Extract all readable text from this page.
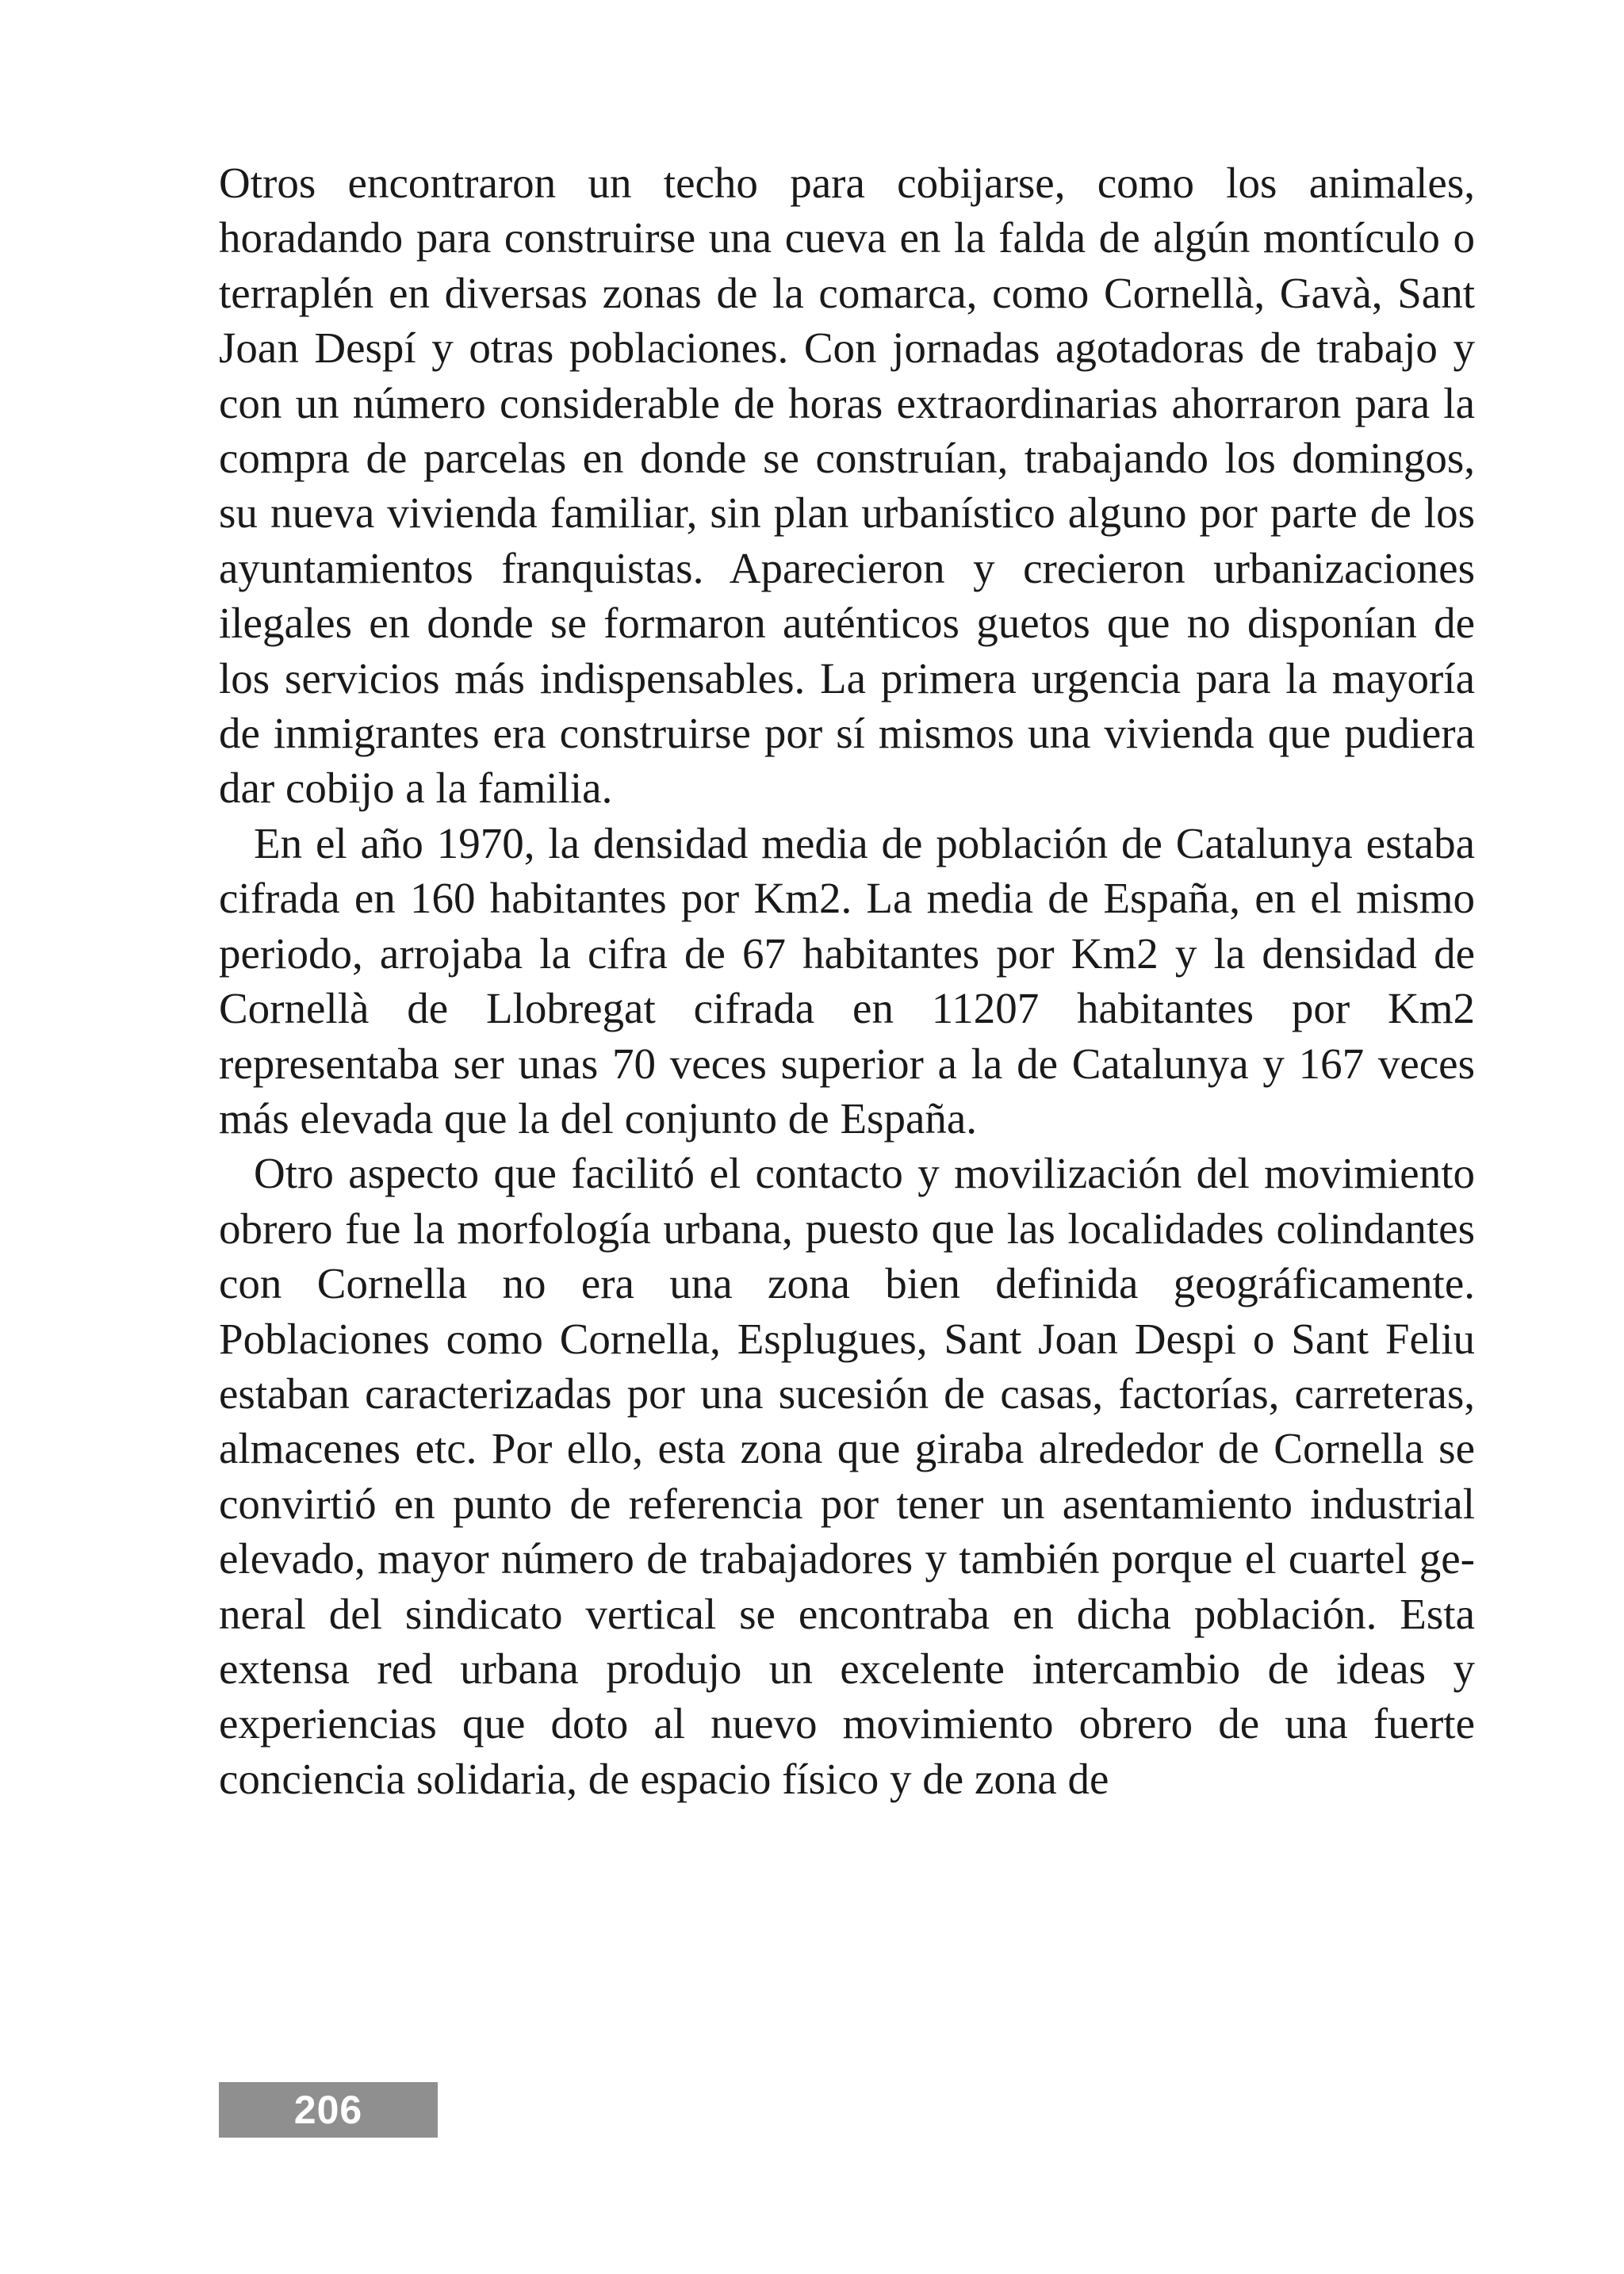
Otros encontraron un techo para cobijarse, como los animales, horadando para construirse una cueva en la falda de algún montículo o terraplén en diversas zonas de la comarca, como Cornellà, Gavà, Sant Joan Despí y otras poblaciones. Con jornadas agotadoras de trabajo y con un número considerable de horas extraordinarias ahorraron para la compra de parcelas en donde se construían, trabajando los domingos, su nueva vivienda familiar, sin plan urbanístico alguno por parte de los ayuntamientos franquistas. Aparecieron y crecieron urbanizaciones ilegales en donde se formaron auténticos guetos que no disponían de los servicios más indispensables. La primera urgencia para la mayoría de inmigrantes era construirse por sí mismos una vivienda que pudiera dar cobijo a la familia.

En el año 1970, la densidad media de población de Catalunya estaba cifrada en 160 habitantes por Km2. La media de España, en el mismo periodo, arrojaba la cifra de 67 habitantes por Km2 y la densidad de Cornellà de Llobregat cifrada en 11207 habitantes por Km2 representaba ser unas 70 veces superior a la de Catalunya y 167 veces más elevada que la del conjunto de España.

Otro aspecto que facilitó el contacto y movilización del movimiento obrero fue la morfología urbana, puesto que las localidades colindantes con Cornella no era una zona bien definida geográficamente. Poblaciones como Cornella, Esplugues, Sant Joan Despi o Sant Feliu estaban caracterizadas por una sucesión de casas, factorías, carreteras, almacenes etc. Por ello, esta zona que giraba alrededor de Cornella se convirtió en punto de referencia por tener un asentamiento industrial elevado, mayor número de trabajadores y también porque el cuartel general del sindicato vertical se encontraba en dicha población. Esta extensa red urbana produjo un excelente intercambio de ideas y experiencias que doto al nuevo movimiento obrero de una fuerte conciencia solidaria, de espacio físico y de zona de

206
